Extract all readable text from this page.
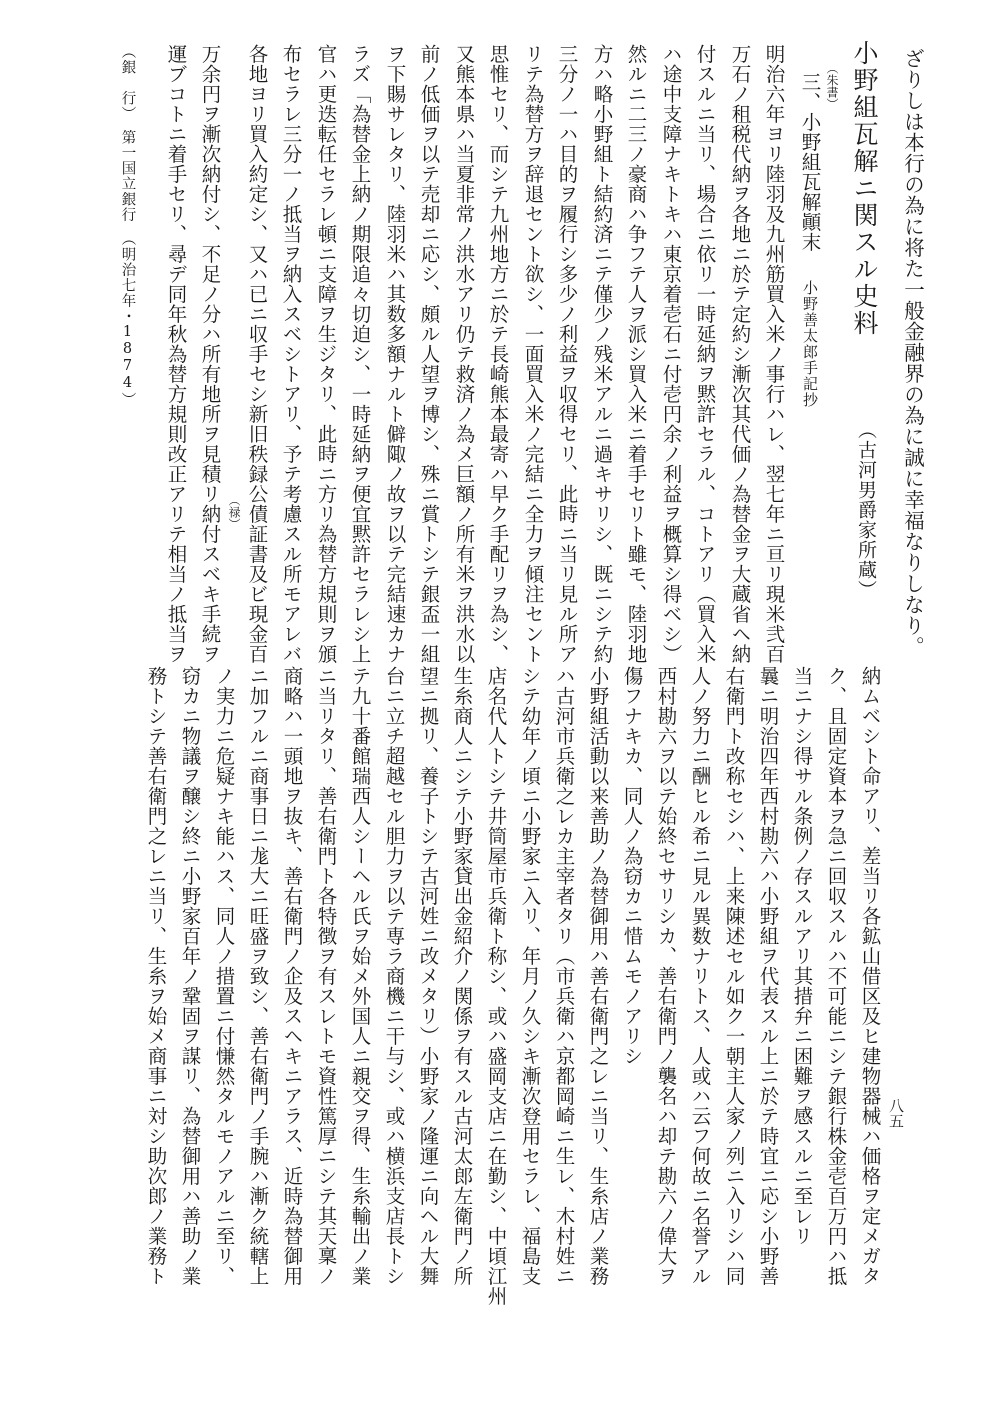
ざりしは本行の為に将た一般金融界の為に誠に幸福なりしなり。
小野組瓦解ニ関スル史料
（古河男爵家所蔵）
（朱書）
三、小野組瓦解顚末
小野善太郎手記抄
明治六年ヨリ陸羽及九州筋買入米ノ事行ハレ、翌七年ニ亘リ現米弐百
万石ノ租税代納ヲ各地ニ於テ定約シ漸次其代価ノ為替金ヲ大蔵省ヘ納
付スルニ当リ、場合ニ依リ一時延納ヲ黙許セラル、コトアリ（買入米
ハ途中支障ナキトキハ東京着壱石ニ付壱円余ノ利益ヲ概算シ得ベシ）
然ルニ二三ノ豪商ハ争フテ人ヲ派シ買入米ニ着手セリト雖モ、陸羽地
方ハ略小野組ト結約済ニテ僅少ノ残米アルニ過キサリシ、既ニシテ約
三分ノ一ハ目的ヲ履行シ多少ノ利益ヲ収得セリ、此時ニ当リ見ル所ア
リテ為替方ヲ辞退セント欲シ、一面買入米ノ完結ニ全力ヲ傾注セント
思惟セリ、而シテ九州地方ニ於テ長崎熊本最寄ハ早ク手配リヲ為シ、
又熊本県ハ当夏非常ノ洪水アリ仍テ救済ノ為メ巨額ノ所有米ヲ洪水以
前ノ低価ヲ以テ売却ニ応シ、頗ル人望ヲ博シ、殊ニ賞トシテ銀盃一組
ヲ下賜サレタリ、陸羽米ハ其数多額ナルト僻陬ノ故ヲ以テ完結速カナ
ラズ「為替金上納ノ期限追々切迫シ、一時延納ヲ便宜黙許セラレシ上
官ハ更迭転任セラレ頓ニ支障ヲ生ジタリ、此時ニ方リ為替方規則ヲ頒
布セラレ三分一ノ抵当ヲ納入スベシトアリ、予テ考慮スル所モアレバ
（禄） 各地ヨリ買入約定シ、又ハ已ニ収手セシ新旧秩録公債証書及ビ現金百
万余円ヲ漸次納付シ、不足ノ分ハ所有地所ヲ見積リ納付スベキ手続ヲ
運ブコトニ着手セリ、尋デ同年秋為替方規則改正アリテ相当ノ抵当ヲ
（銀　行）　第一国立銀行　（明治七年・1874）
納ムベシト命アリ、差当リ各鉱山借区及ヒ建物器械ハ価格ヲ定メガタ
ク、且固定資本ヲ急ニ回収スルハ不可能ニシテ銀行株金壱百万円ハ抵
当ニナシ得サル条例ノ存スルアリ其措弁ニ困難ヲ感スルニ至レリ
曩ニ明治四年西村勘六ハ小野組ヲ代表スル上ニ於テ時宜ニ応シ小野善
右衛門ト改称セシハ、上来陳述セル如ク一朝主人家ノ列ニ入リシハ同
人ノ努力ニ酬ヒル希ニ見ル異数ナリトス、人或ハ云フ何故ニ名誉アル
西村勘六ヲ以テ始終セサリシカ、善右衛門ノ襲名ハ却テ勘六ノ偉大ヲ
傷フナキカ、同人ノ為窃カニ惜ムモノアリシ
小野組活動以来善助ノ為替御用ハ善右衛門之レニ当リ、生糸店ノ業務
ハ古河市兵衛之レカ主宰者タリ（市兵衛ハ京都岡崎ニ生レ、木村姓ニ
シテ幼年ノ頃ニ小野家ニ入リ、年月ノ久シキ漸次登用セラレ、福島支
店名代人トシテ井筒屋市兵衛ト称シ、或ハ盛岡支店ニ在勤シ、中頃江州
生糸商人ニシテ小野家貸出金紹介ノ関係ヲ有スル古河太郎左衛門ノ所
望ニ拠リ、養子トシテ古河姓ニ改メタリ）小野家ノ隆運ニ向ヘル大舞
台ニ立チ超越セル胆力ヲ以テ専ラ商機ニ干与シ、或ハ横浜支店長トシ
テ九十番館瑞西人シーヘル氏ヲ始メ外国人ニ親交ヲ得、生糸輸出ノ業
ニ当リタリ、善右衛門ト各特徴ヲ有スレトモ資性篤厚ニシテ其天稟ノ
商略ハ一頭地ヲ抜キ、善右衛門ノ企及スヘキニアラス、近時為替御用
ニ加フルニ商事日ニ尨大ニ旺盛ヲ致シ、善右衛門ノ手腕ハ漸ク統轄上
ノ実力ニ危疑ナキ能ハス、同人ノ措置ニ付慊然タルモノアルニ至リ、
窃カニ物議ヲ醸シ終ニ小野家百年ノ鞏固ヲ謀リ、為替御用ハ善助ノ業
務トシテ善右衛門之レニ当リ、生糸ヲ始メ商事ニ対シ助次郎ノ業務ト	八五
